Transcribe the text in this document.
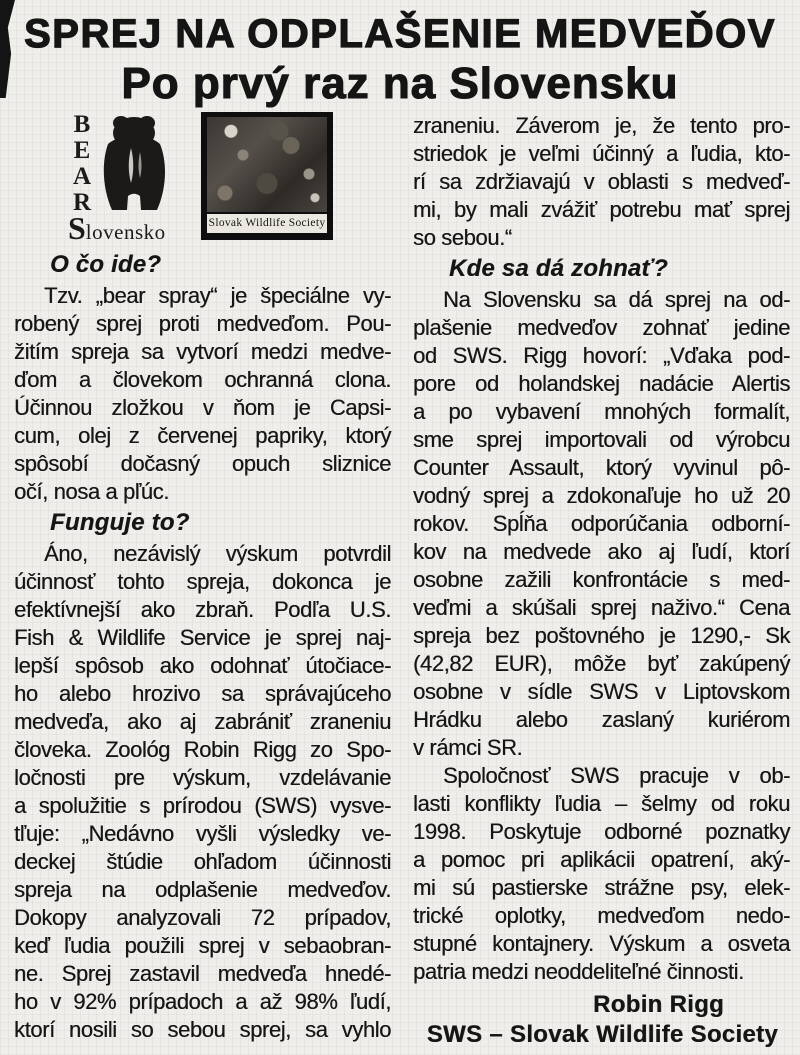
SPREJ NA ODPLAŠENIE MEDVEĎOV
Po prvý raz na Slovensku
B
E
A
R
Slovensko	Slovak Wildlife Society
O čo ide?
Tzv. „bear spray“ je špeciálne vy-
robený sprej proti medveďom. Pou-
žitím spreja sa vytvorí medzi medve-
ďom a človekom ochranná clona.
Účinnou zložkou v ňom je Capsi-
cum, olej z červenej papriky, ktorý
spôsobí dočasný opuch sliznice
očí, nosa a pľúc.
Funguje to?
Áno, nezávislý výskum potvrdil
účinnosť tohto spreja, dokonca je
efektívnejší ako zbraň. Podľa U.S.
Fish & Wildlife Service je sprej naj-
lepší spôsob ako odohnať útočiace-
ho alebo hrozivo sa správajúceho
medveďa, ako aj zabrániť zraneniu
človeka. Zoológ Robin Rigg zo Spo-
ločnosti pre výskum, vzdelávanie
a spolužitie s prírodou (SWS) vysve-
tľuje: „Nedávno vyšli výsledky ve-
deckej štúdie ohľadom účinnosti
spreja na odplašenie medveďov.
Dokopy analyzovali 72 prípadov,
keď ľudia použili sprej v sebaobran-
ne. Sprej zastavil medveďa hnedé-
ho v 92% prípadoch a až 98% ľudí,
ktorí nosili so sebou sprej, sa vyhlo
zraneniu. Záverom je, že tento pro-
striedok je veľmi účinný a ľudia, kto-
rí sa zdržiavajú v oblasti s medveď-
mi, by mali zvážiť potrebu mať sprej
so sebou.“
Kde sa dá zohnať?
Na Slovensku sa dá sprej na od-
plašenie medveďov zohnať jedine
od SWS. Rigg hovorí: „Vďaka pod-
pore od holandskej nadácie Alertis
a po vybavení mnohých formalít,
sme sprej importovali od výrobcu
Counter Assault, ktorý vyvinul pô-
vodný sprej a zdokonaľuje ho už 20
rokov. Spĺňa odporúčania odborní-
kov na medvede ako aj ľudí, ktorí
osobne zažili konfrontácie s med-
veďmi a skúšali sprej naživo.“ Cena
spreja bez poštovného je 1290,- Sk
(42,82 EUR), môže byť zakúpený
osobne v sídle SWS v Liptovskom
Hrádku alebo zaslaný kuriérom
v rámci SR.
Spoločnosť SWS pracuje v ob-
lasti konflikty ľudia – šelmy od roku
1998. Poskytuje odborné poznatky
a pomoc pri aplikácii opatrení, aký-
mi sú pastierske strážne psy, elek-
trické oplotky, medveďom nedo-
stupné kontajnery. Výskum a osveta
patria medzi neoddeliteľné činnosti.
Robin Rigg
SWS – Slovak Wildlife Society
